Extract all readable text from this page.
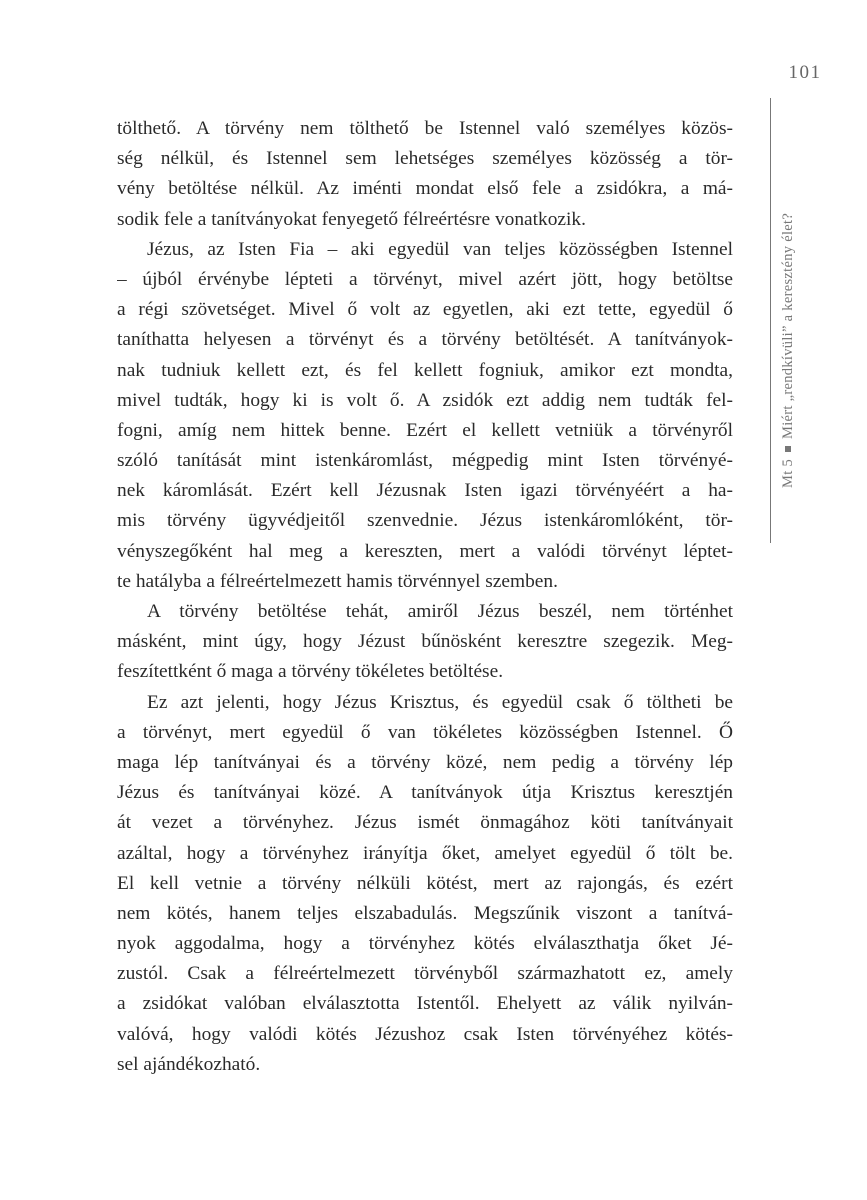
101
Mt 5Miért „rendkívüli” a keresztény élet?
tölthető. A törvény nem tölthető be Istennel való személyes közös-
ség nélkül, és Istennel sem lehetséges személyes közösség a tör-
vény betöltése nélkül. Az iménti mondat első fele a zsidókra, a má-
sodik fele a tanítványokat fenyegető félreértésre vonatkozik.
Jézus, az Isten Fia – aki egyedül van teljes közösségben Istennel
– újból érvénybe lépteti a törvényt, mivel azért jött, hogy betöltse
a régi szövetséget. Mivel ő volt az egyetlen, aki ezt tette, egyedül ő
taníthatta helyesen a törvényt és a törvény betöltését. A tanítványok-
nak tudniuk kellett ezt, és fel kellett fogniuk, amikor ezt mondta,
mivel tudták, hogy ki is volt ő. A zsidók ezt addig nem tudták fel-
fogni, amíg nem hittek benne. Ezért el kellett vetniük a törvényről
szóló tanítását mint istenkáromlást, mégpedig mint Isten törvényé-
nek káromlását. Ezért kell Jézusnak Isten igazi törvényéért a ha-
mis törvény ügyvédjeitől szenvednie. Jézus istenkáromlóként, tör-
vényszegőként hal meg a kereszten, mert a valódi törvényt léptet-
te hatályba a félreértelmezett hamis törvénnyel szemben.
A törvény betöltése tehát, amiről Jézus beszél, nem történhet
másként, mint úgy, hogy Jézust bűnösként keresztre szegezik. Meg-
feszítettként ő maga a törvény tökéletes betöltése.
Ez azt jelenti, hogy Jézus Krisztus, és egyedül csak ő töltheti be
a törvényt, mert egyedül ő van tökéletes közösségben Istennel. Ő
maga lép tanítványai és a törvény közé, nem pedig a törvény lép
Jézus és tanítványai közé. A tanítványok útja Krisztus keresztjén
át vezet a törvényhez. Jézus ismét önmagához köti tanítványait
azáltal, hogy a törvényhez irányítja őket, amelyet egyedül ő tölt be.
El kell vetnie a törvény nélküli kötést, mert az rajongás, és ezért
nem kötés, hanem teljes elszabadulás. Megszűnik viszont a tanítvá-
nyok aggodalma, hogy a törvényhez kötés elválaszthatja őket Jé-
zustól. Csak a félreértelmezett törvényből származhatott ez, amely
a zsidókat valóban elválasztotta Istentől. Ehelyett az válik nyilván-
valóvá, hogy valódi kötés Jézushoz csak Isten törvényéhez kötés-
sel ajándékozható.
